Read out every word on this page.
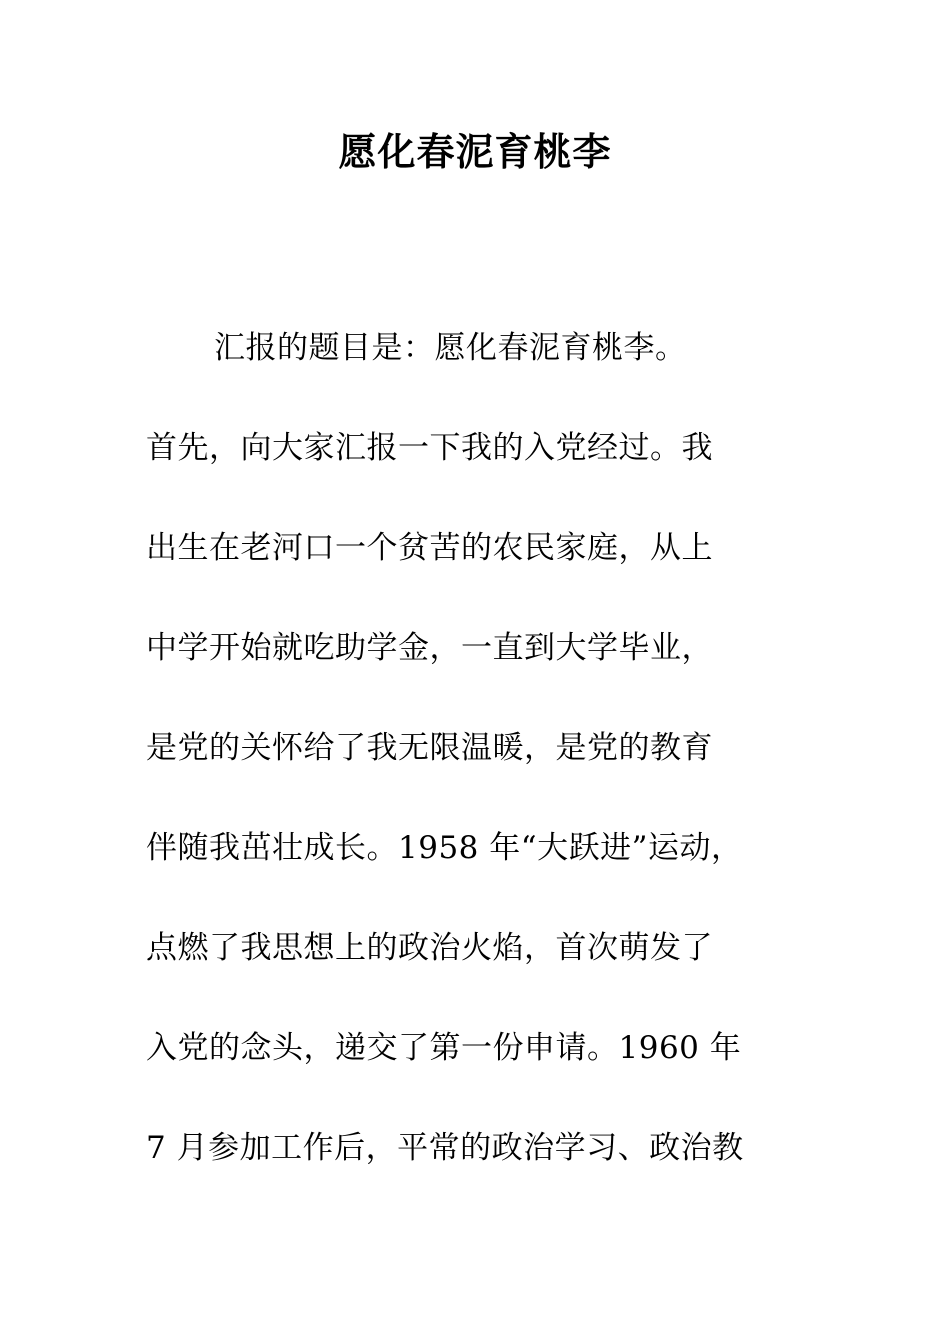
愿化春泥育桃李
汇报的题目是：愿化春泥育桃李。
首先，向大家汇报一下我的入党经过。我
出生在老河口一个贫苦的农民家庭，从上
中学开始就吃助学金，一直到大学毕业，
是党的关怀给了我无限温暖，是党的教育
伴随我茁壮成长。1958 年“大跃进”运动，
点燃了我思想上的政治火焰，首次萌发了
入党的念头，递交了第一份申请。1960 年
7 月参加工作后，平常的政治学习、政治教
